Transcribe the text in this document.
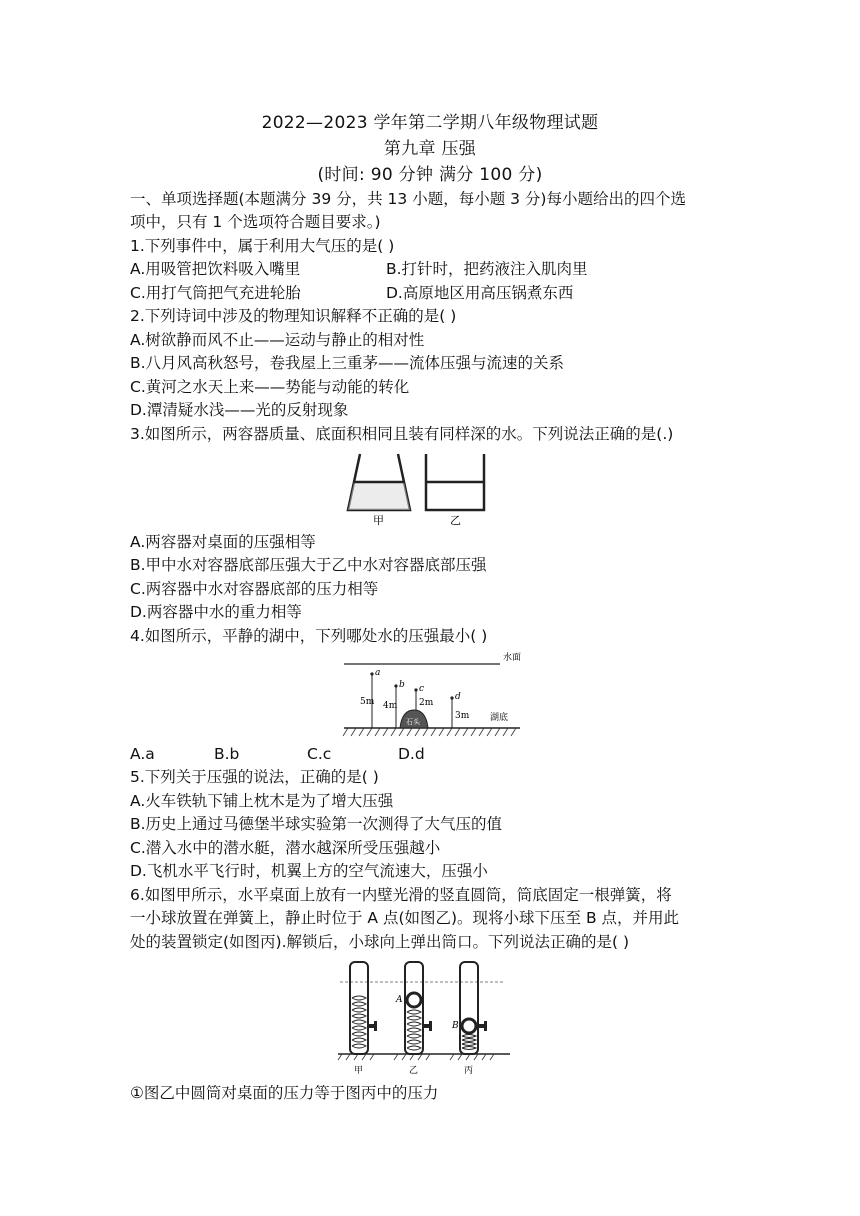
2022—2023 学年第二学期八年级物理试题
第九章 压强
(时间: 90 分钟 满分 100 分)
一、单项选择题(本题满分 39 分，共 13 小题，每小题 3 分)每小题给出的四个选
项中，只有 1 个选项符合题目要求。)
1.下列事件中，属于利用大气压的是( )
A.用吸管把饮料吸入嘴里	B.打针时，把药液注入肌肉里
C.用打气筒把气充进轮胎	D.高原地区用高压锅煮东西
2.下列诗词中涉及的物理知识解释不正确的是( )
A.树欲静而风不止——运动与静止的相对性
B.八月风高秋怒号，卷我屋上三重茅——流体压强与流速的关系
C.黄河之水天上来——势能与动能的转化
D.潭清疑水浅——光的反射现象
3.如图所示，两容器质量、底面积相同且装有同样深的水。下列说法正确的是(.)
甲	乙
A.两容器对桌面的压强相等
B.甲中水对容器底部压强大于乙中水对容器底部压强
C.两容器中水对容器底部的压力相等
D.两容器中水的重力相等
4.如图所示，平静的湖中，下列哪处水的压强最小( )
水面
湖底
石头
a
5m
b
4m
c
2m
d
3m
A.a	B.b	C.c	D.d
5.下列关于压强的说法，正确的是( )
A.火车铁轨下铺上枕木是为了增大压强
B.历史上通过马德堡半球实验第一次测得了大气压的值
C.潜入水中的潜水艇，潜水越深所受压强越小
D.飞机水平飞行时，机翼上方的空气流速大，压强小
6.如图甲所示，水平桌面上放有一内壁光滑的竖直圆筒，筒底固定一根弹簧，将
一小球放置在弹簧上，静止时位于 A 点(如图乙)。现将小球下压至 B 点，并用此
处的装置锁定(如图丙).解锁后，小球向上弹出筒口。下列说法正确的是( )
A
B
甲	乙	丙
①图乙中圆筒对桌面的压力等于图丙中的压力
